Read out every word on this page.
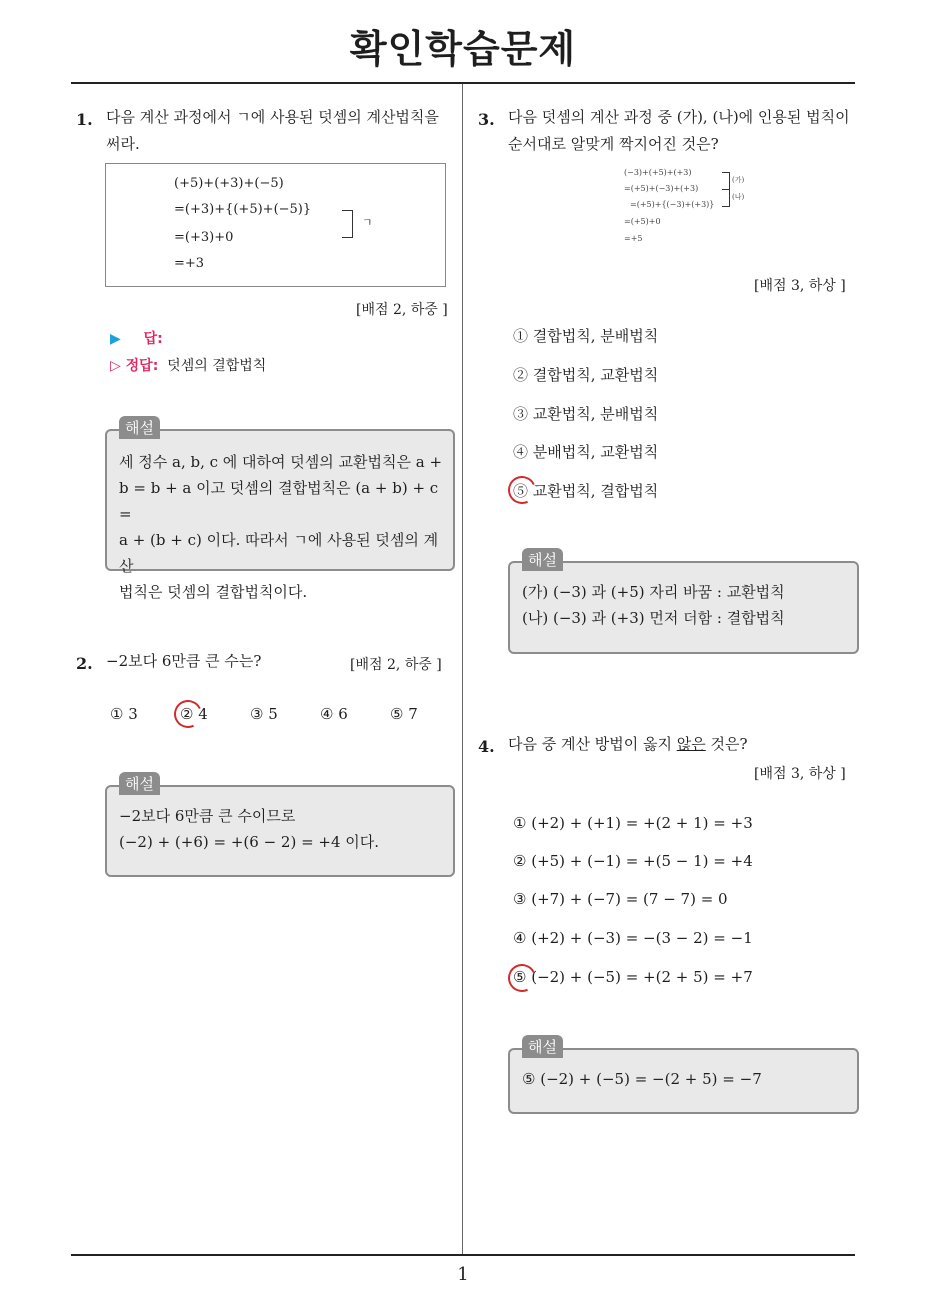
확인학습문제
1
1. 다음 계산 과정에서 ㄱ에 사용된 덧셈의 계산법칙을
써라.
(+5)+(+3)+(−5)
=(+3)+{(+5)+(−5)}
=(+3)+0
=+3
ㄱ
[배점 2, 하중 ]
▶ 답:
▷ 정답: 덧셈의 결합법칙
해설
세 정수 a, b, c 에 대하여 덧셈의 교환법칙은 a +
b = b + a 이고 덧셈의 결합법칙은 (a + b) + c =
a + (b + c) 이다. 따라서 ㄱ에 사용된 덧셈의 계산
법칙은 덧셈의 결합법칙이다.
2. −2보다 6만큼 큰 수는?	[배점 2, 하중 ]
① 3	② 4	③ 5	④ 6	⑤ 7
해설
−2보다 6만큼 큰 수이므로
(−2) + (+6) = +(6 − 2) = +4 이다.
3. 다음 덧셈의 계산 과정 중 (가), (나)에 인용된 법칙이
순서대로 알맞게 짝지어진 것은?
(−3)+(+5)+(+3)
=(+5)+(−3)+(+3)
=(+5)+{(−3)+(+3)}
=(+5)+0
=+5
(가)
(나)
[배점 3, 하상 ]
① 결합법칙, 분배법칙
② 결합법칙, 교환법칙
③ 교환법칙, 분배법칙
④ 분배법칙, 교환법칙
⑤ 교환법칙, 결합법칙
해설
(가) (−3) 과 (+5) 자리 바꿈 : 교환법칙
(나) (−3) 과 (+3) 먼저 더함 : 결합법칙
4. 다음 중 계산 방법이 옳지 않은 것은?
[배점 3, 하상 ]
① (+2) + (+1) = +(2 + 1) = +3
② (+5) + (−1) = +(5 − 1) = +4
③ (+7) + (−7) = (7 − 7) = 0
④ (+2) + (−3) = −(3 − 2) = −1
⑤ (−2) + (−5) = +(2 + 5) = +7
해설
⑤ (−2) + (−5) = −(2 + 5) = −7
